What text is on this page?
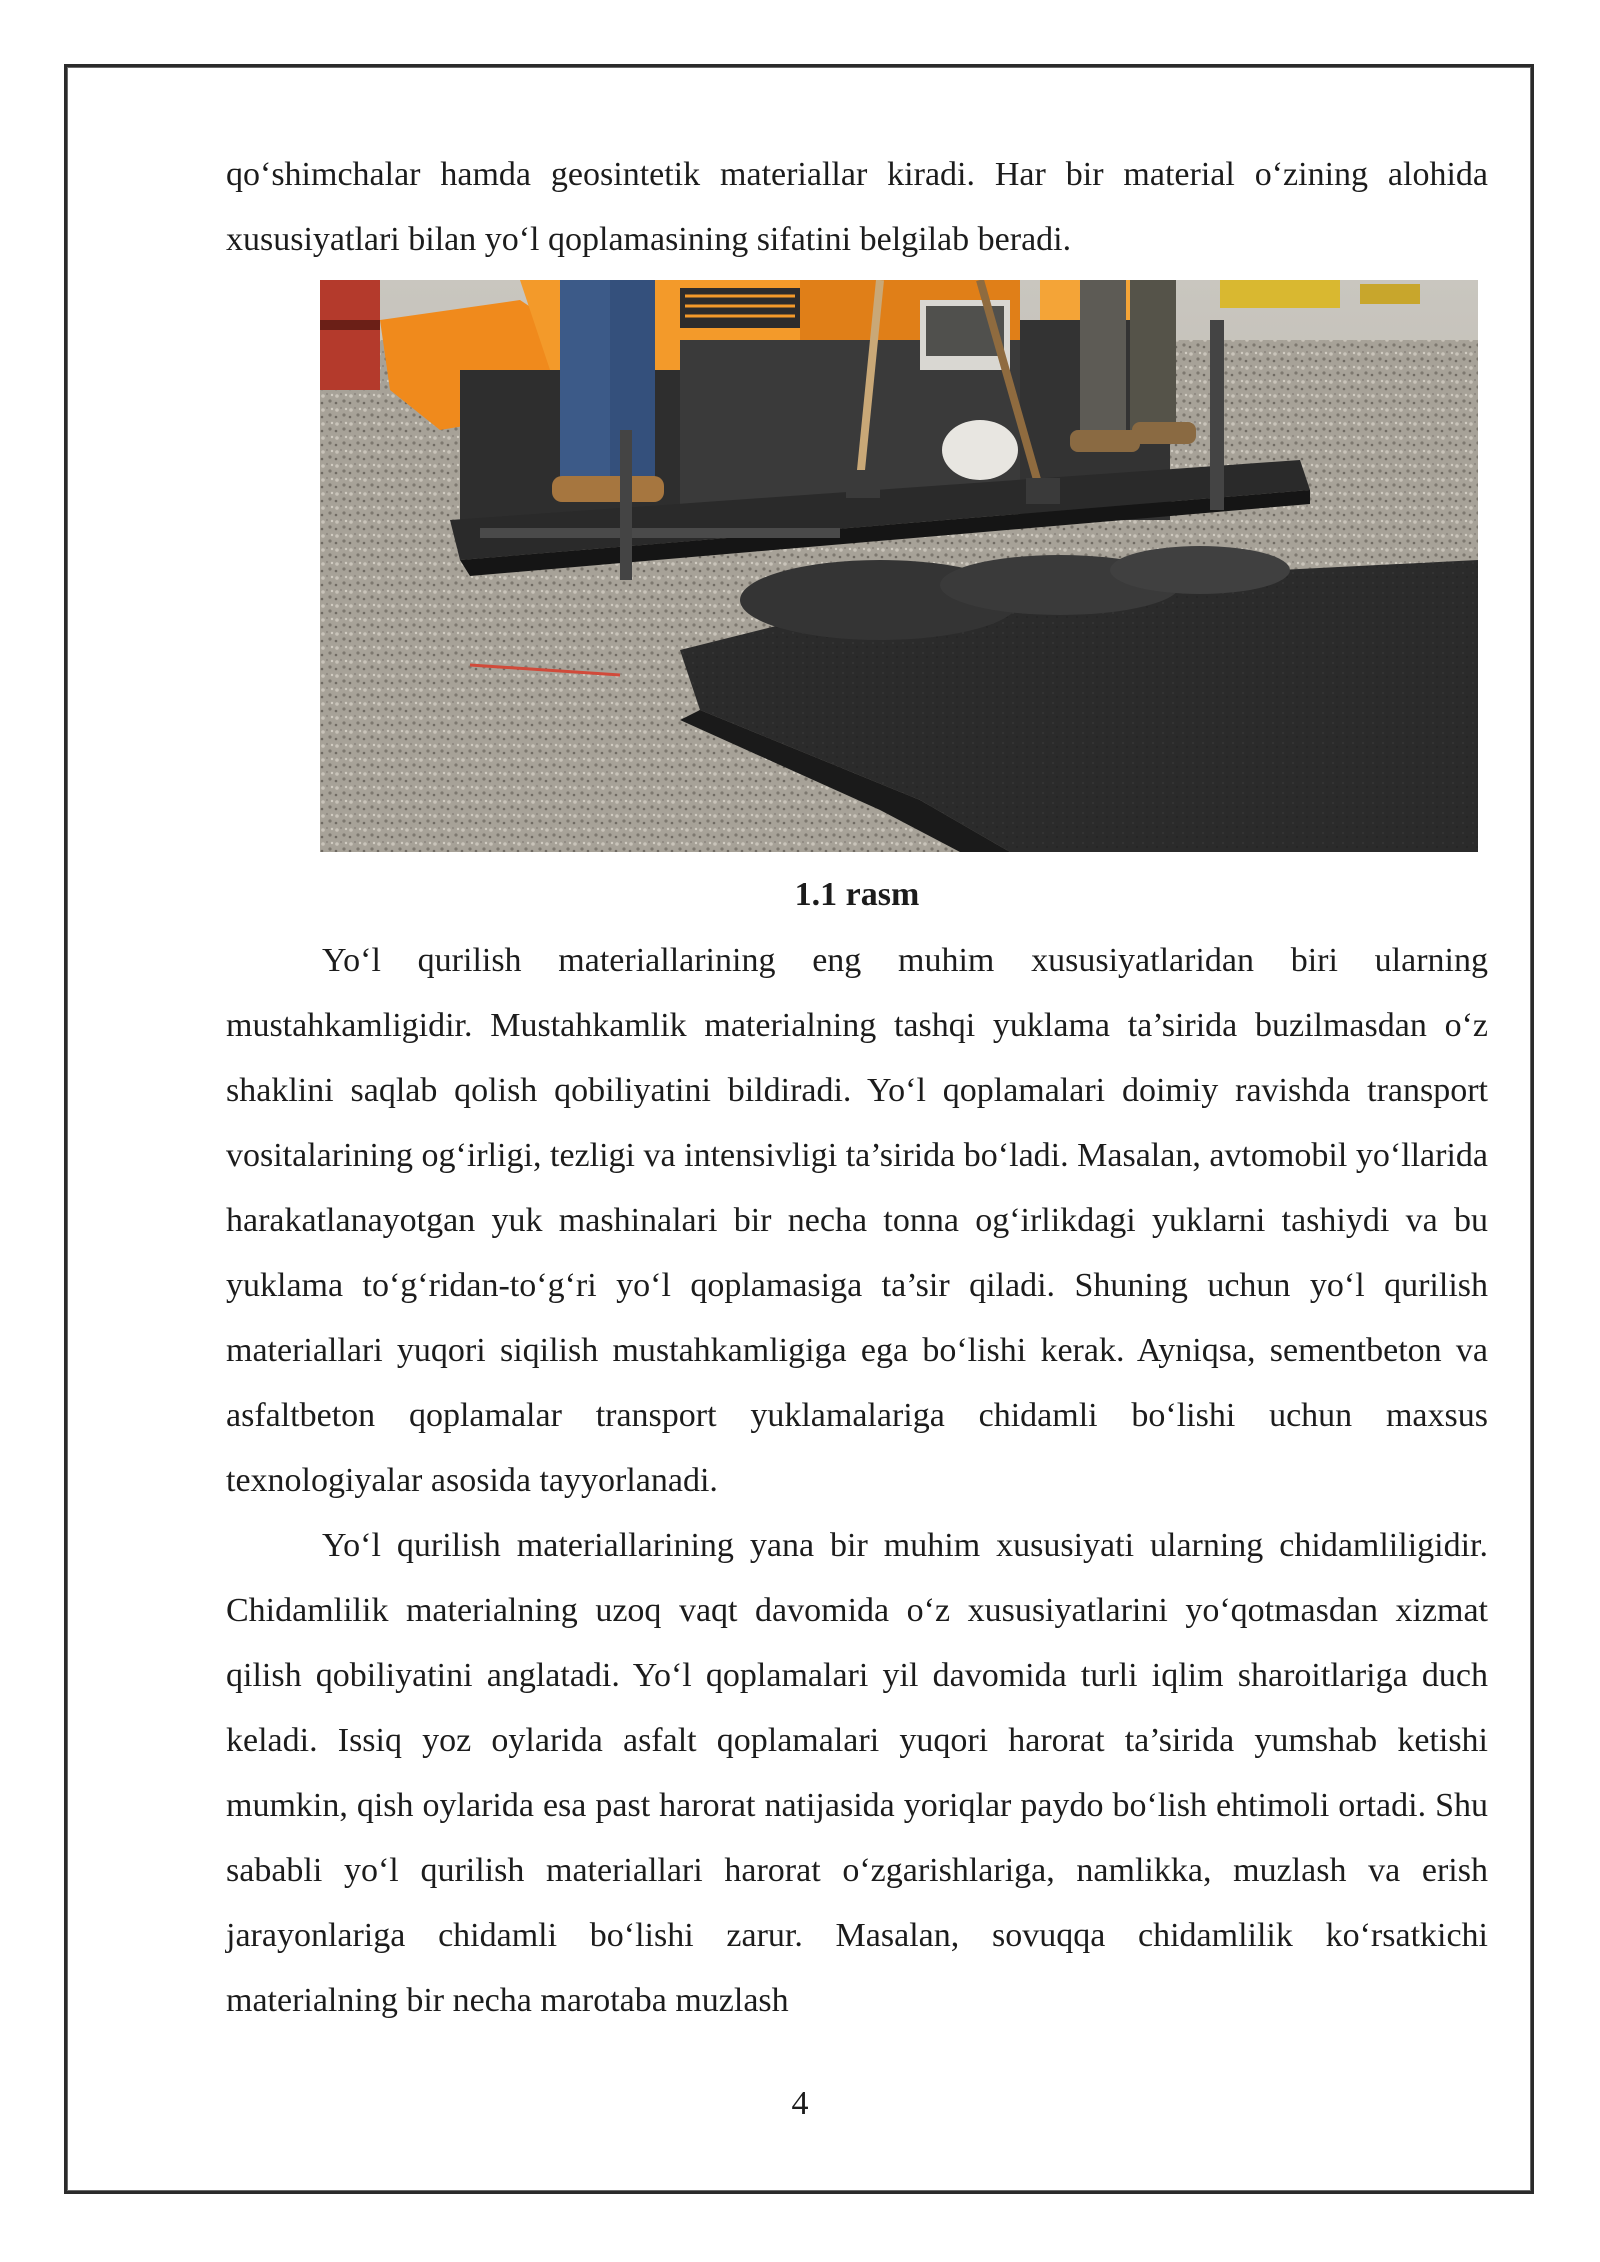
qo‘shimchalar hamda geosintetik materiallar kiradi. Har bir material o‘zining alohida xususiyatlari bilan yo‘l qoplamasining sifatini belgilab beradi.

1.1 rasm

Yo‘l qurilish materiallarining eng muhim xususiyatlaridan biri ularning mustahkamligidir. Mustahkamlik materialning tashqi yuklama ta’sirida buzilmasdan o‘z shaklini saqlab qolish qobiliyatini bildiradi. Yo‘l qoplamalari doimiy ravishda transport vositalarining og‘irligi, tezligi va intensivligi ta’sirida bo‘ladi. Masalan, avtomobil yo‘llarida harakatlanayotgan yuk mashinalari bir necha tonna og‘irlikdagi yuklarni tashiydi va bu yuklama to‘g‘ridan-to‘g‘ri yo‘l qoplamasiga ta’sir qiladi. Shuning uchun yo‘l qurilish materiallari yuqori siqilish mustahkamligiga ega bo‘lishi kerak. Ayniqsa, sementbeton va asfaltbeton qoplamalar transport yuklamalariga chidamli bo‘lishi uchun maxsus texnologiyalar asosida tayyorlanadi.

Yo‘l qurilish materiallarining yana bir muhim xususiyati ularning chidamliligidir. Chidamlilik materialning uzoq vaqt davomida o‘z xususiyatlarini yo‘qotmasdan xizmat qilish qobiliyatini anglatadi. Yo‘l qoplamalari yil davomida turli iqlim sharoitlariga duch keladi. Issiq yoz oylarida asfalt qoplamalari yuqori harorat ta’sirida yumshab ketishi mumkin, qish oylarida esa past harorat natijasida yoriqlar paydo bo‘lish ehtimoli ortadi. Shu sababli yo‘l qurilish materiallari harorat o‘zgarishlariga, namlikka, muzlash va erish jarayonlariga chidamli bo‘lishi zarur. Masalan, sovuqqa chidamlilik ko‘rsatkichi materialning bir necha marotaba muzlash

4
